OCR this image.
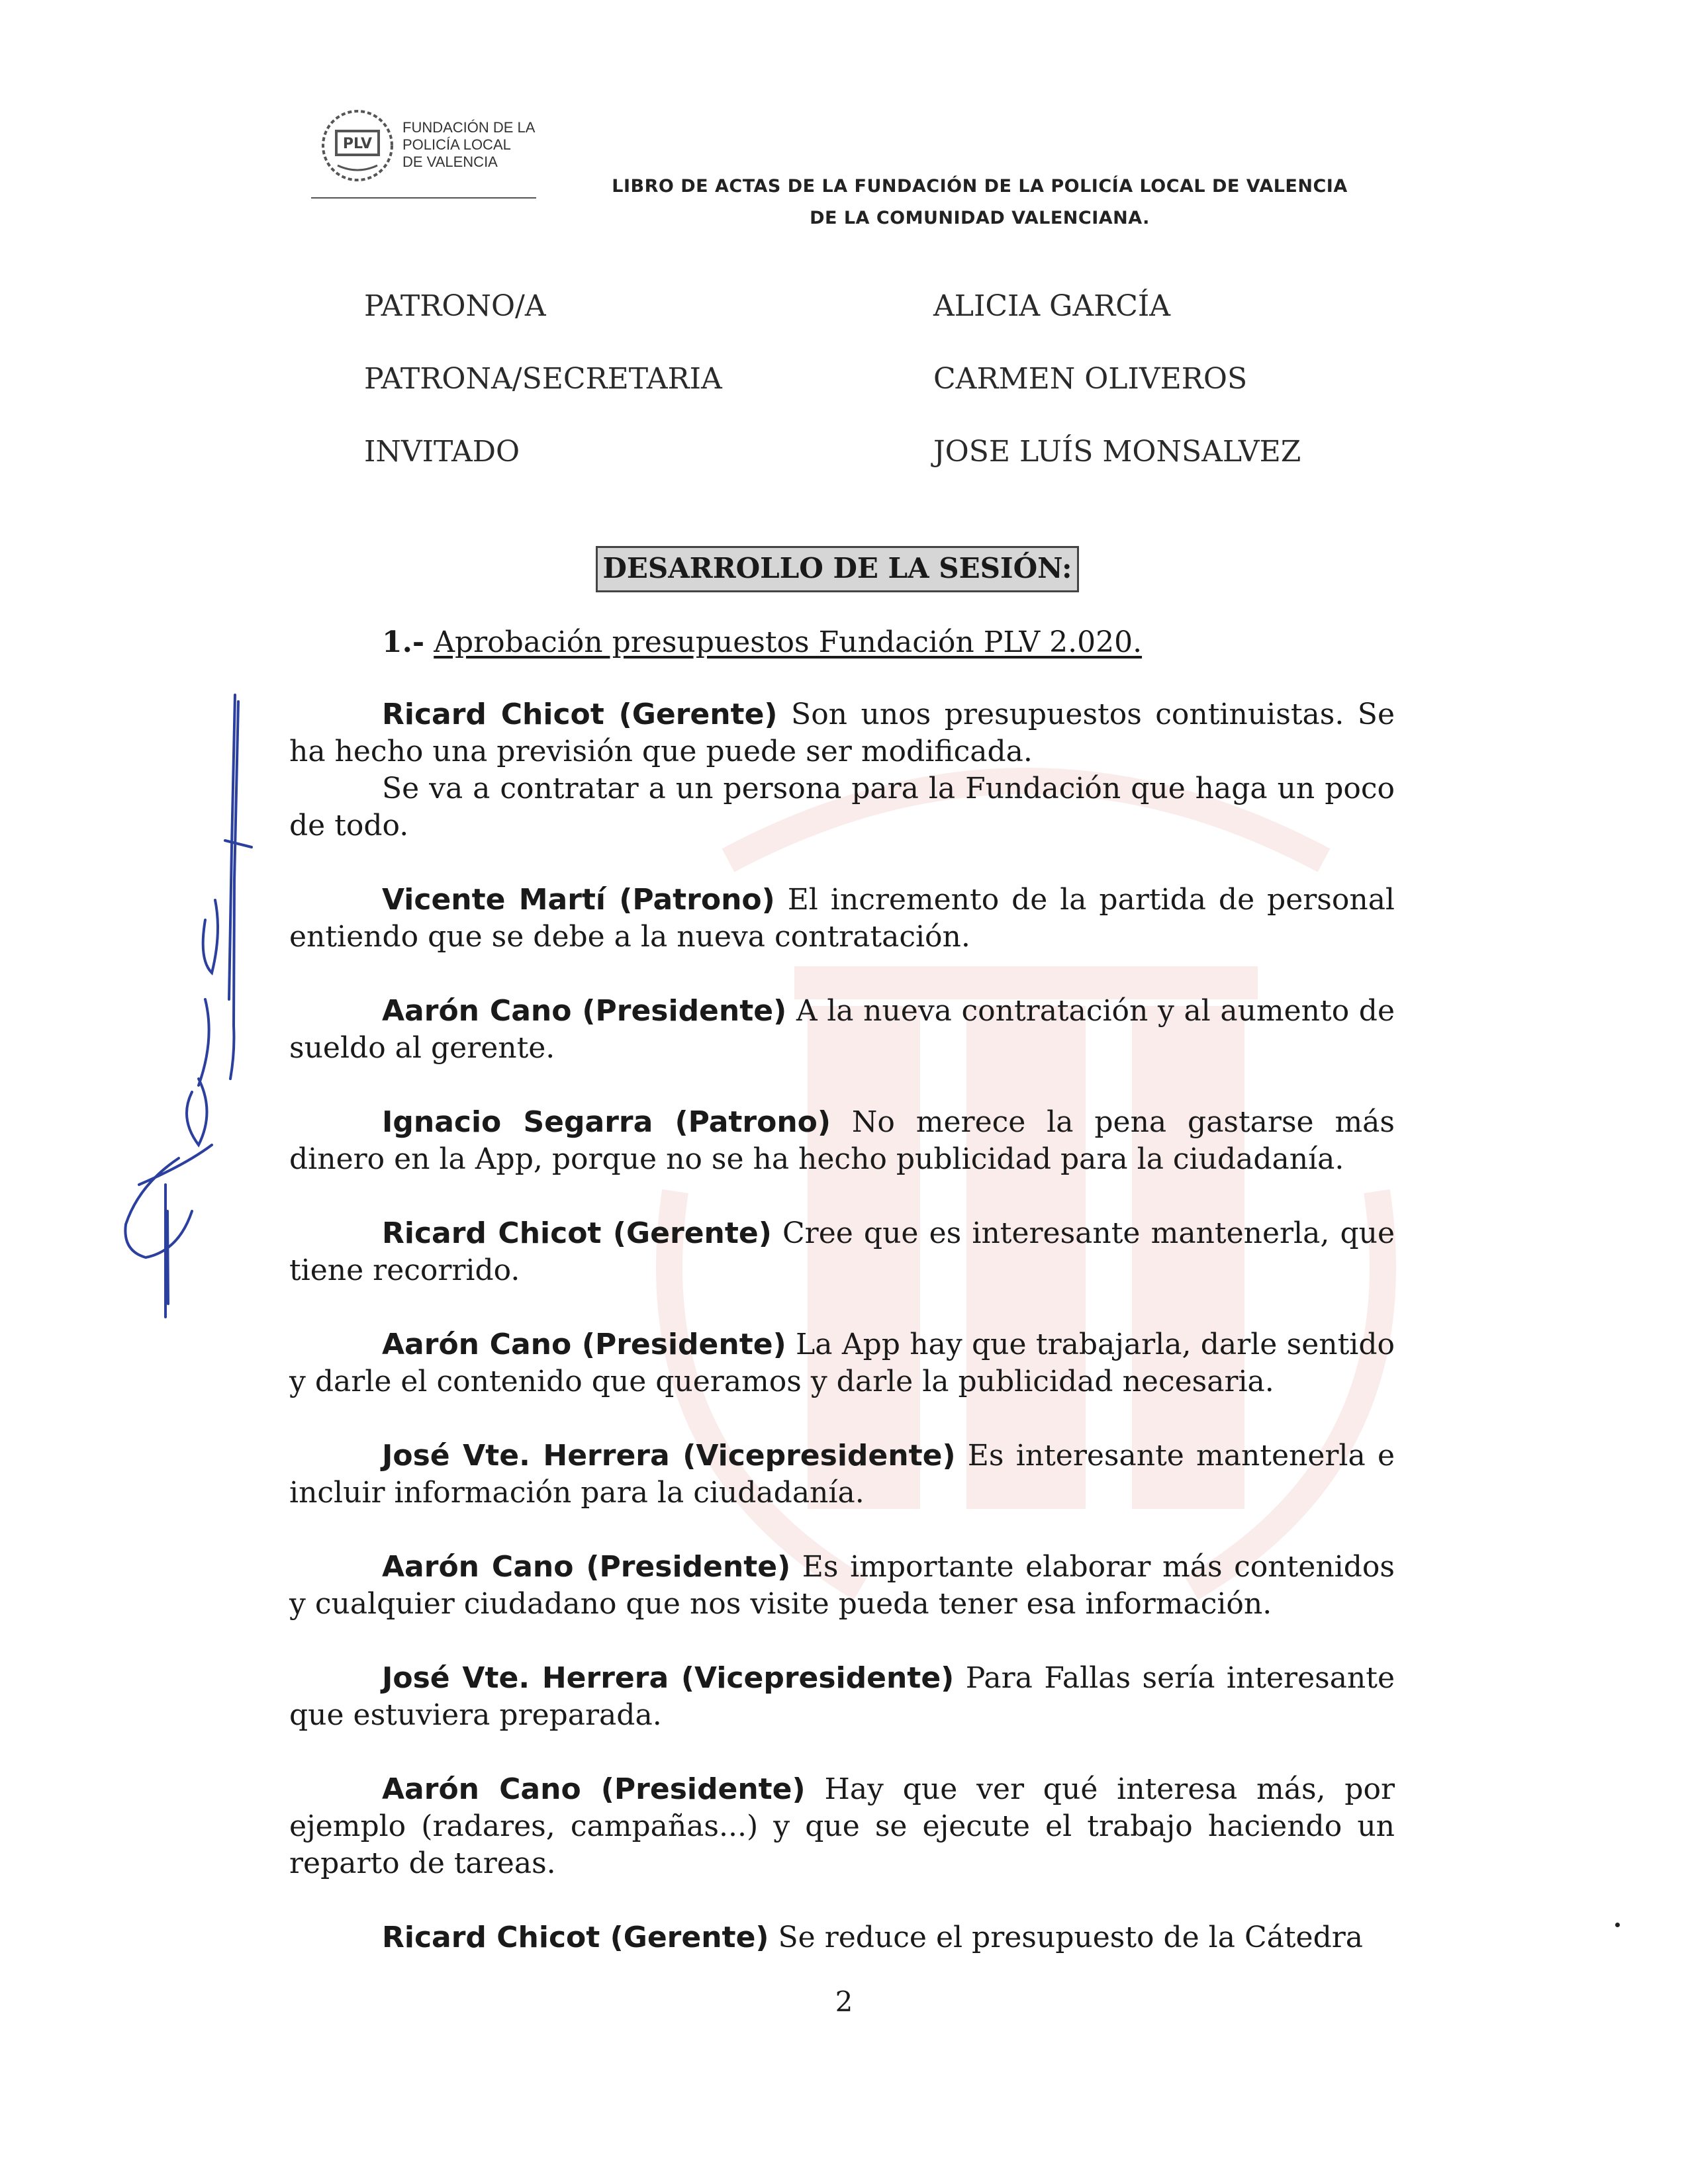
PLV
FUNDACIÓN DE LA
POLICÍA LOCAL
DE VALENCIA
LIBRO DE ACTAS DE LA FUNDACIÓN DE LA POLICÍA LOCAL DE VALENCIA
DE LA COMUNIDAD VALENCIANA.
PATRONO/A	ALICIA GARCÍA
PATRONA/SECRETARIA	CARMEN OLIVEROS
INVITADO	JOSE LUÍS MONSALVEZ
DESARROLLO DE LA SESIÓN:
1.- Aprobación presupuestos Fundación PLV 2.020.

Ricard Chicot (Gerente) Son unos presupuestos continuistas. Se ha hecho una previsión que puede ser modificada.

Se va a contratar a un persona para la Fundación que haga un poco de todo.

Vicente Martí (Patrono) El incremento de la partida de personal entiendo que se debe a la nueva contratación.

Aarón Cano (Presidente) A la nueva contratación y al aumento de sueldo al gerente.

Ignacio Segarra (Patrono) No merece la pena gastarse más dinero en la App, porque no se ha hecho publicidad para la ciudadanía.

Ricard Chicot (Gerente) Cree que es interesante mantenerla, que tiene recorrido.

Aarón Cano (Presidente) La App hay que trabajarla, darle sentido y darle el contenido que queramos y darle la publicidad necesaria.

José Vte. Herrera (Vicepresidente) Es interesante mantenerla e incluir información para la ciudadanía.

Aarón Cano (Presidente) Es importante elaborar más contenidos y cualquier ciudadano que nos visite pueda tener esa información.

José Vte. Herrera (Vicepresidente) Para Fallas sería interesante que estuviera preparada.

Aarón Cano (Presidente) Hay que ver qué interesa más, por ejemplo (radares, campañas...) y que se ejecute el trabajo haciendo un reparto de tareas.

Ricard Chicot (Gerente) Se reduce el presupuesto de la Cátedra

2
